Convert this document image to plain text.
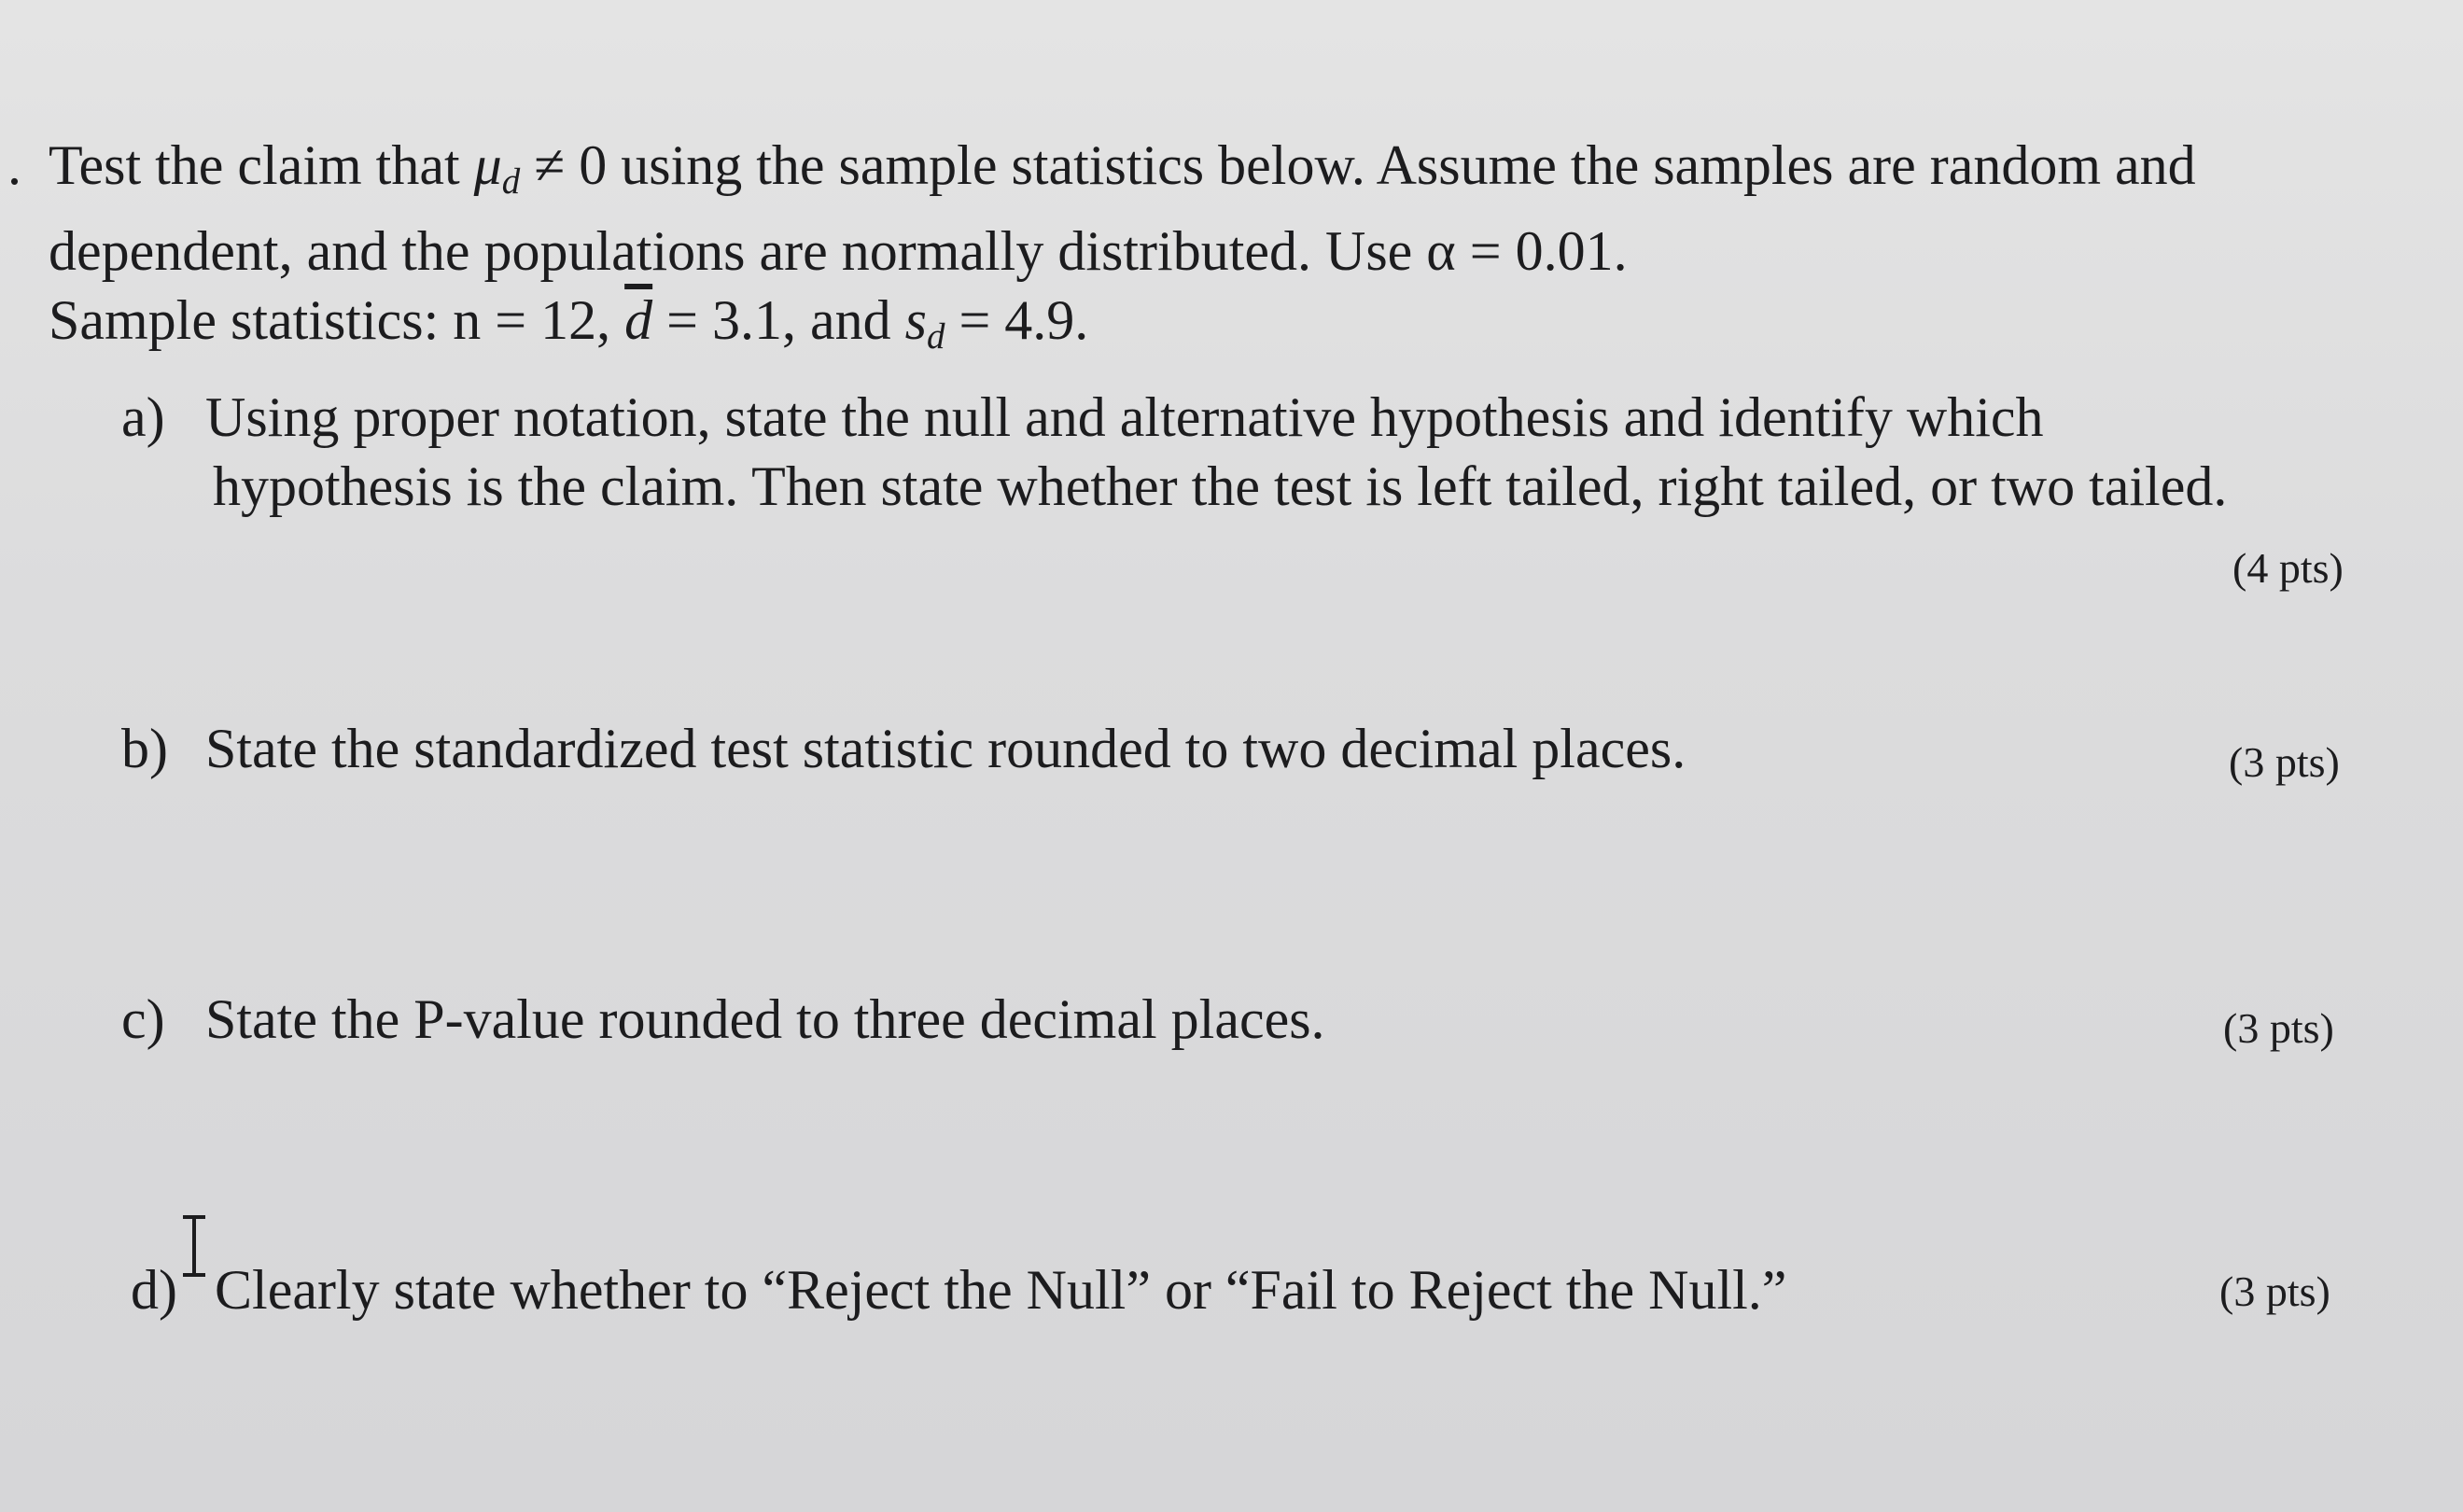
. Test the claim that $\mu_d \ne 0$ using the sample statistics below. Assume the samples are random and

dependent, and the populations are normally distributed. Use α = 0.01.

Sample statistics: n = 12, $\overline{d} = 3.1$, and $s_d = 4.9$.

a) Using proper notation, state the null and alternative hypothesis and identify which
hypothesis is the claim. Then state whether the test is left tailed, right tailed, or two tailed.
(4 pts)
b) State the standardized test statistic rounded to two decimal places.	(3 pts)
c) State the P-value rounded to three decimal places.	(3 pts)
d) Clearly state whether to “Reject the Null” or “Fail to Reject the Null.”	(3 pts)
